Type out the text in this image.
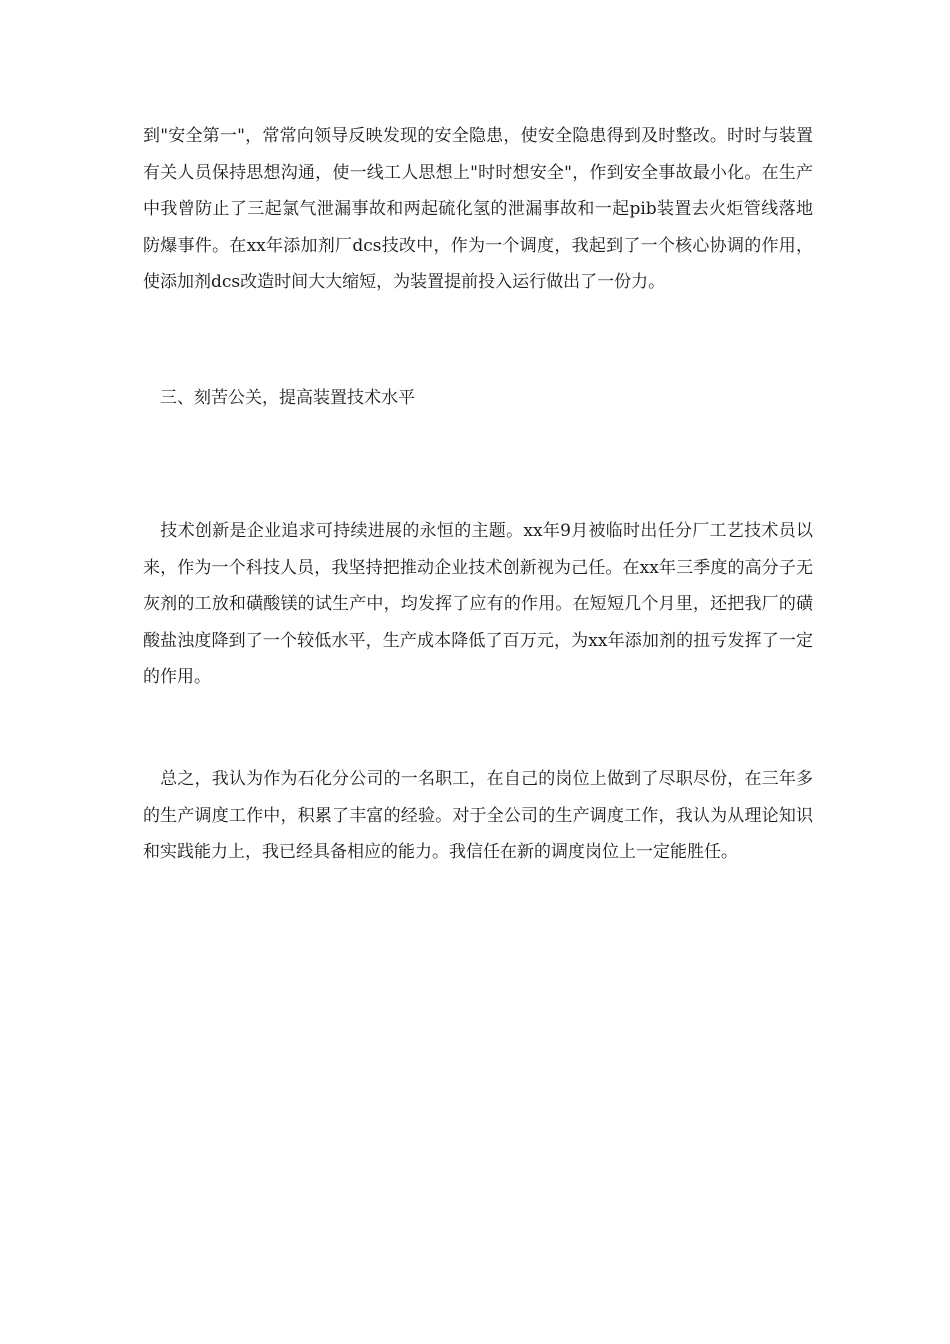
到"安全第一"，常常向领导反映发现的安全隐患，使安全隐患得到及时整改。时时与装置有关人员保持思想沟通，使一线工人思想上"时时想安全"，作到安全事故最小化。在生产中我曾防止了三起氯气泄漏事故和两起硫化氢的泄漏事故和一起pib装置去火炬管线落地防爆事件。在xx年添加剂厂dcs技改中，作为一个调度，我起到了一个核心协调的作用，使添加剂dcs改造时间大大缩短，为装置提前投入运行做出了一份力。

　三、刻苦公关，提高装置技术水平

　技术创新是企业追求可持续进展的永恒的主题。xx年9月被临时出任分厂工艺技术员以来，作为一个科技人员，我坚持把推动企业技术创新视为己任。在xx年三季度的高分子无灰剂的工放和磺酸镁的试生产中，均发挥了应有的作用。在短短几个月里，还把我厂的磺酸盐浊度降到了一个较低水平，生产成本降低了百万元，为xx年添加剂的扭亏发挥了一定的作用。

　总之，我认为作为石化分公司的一名职工，在自己的岗位上做到了尽职尽份，在三年多的生产调度工作中，积累了丰富的经验。对于全公司的生产调度工作，我认为从理论知识和实践能力上，我已经具备相应的能力。我信任在新的调度岗位上一定能胜任。
